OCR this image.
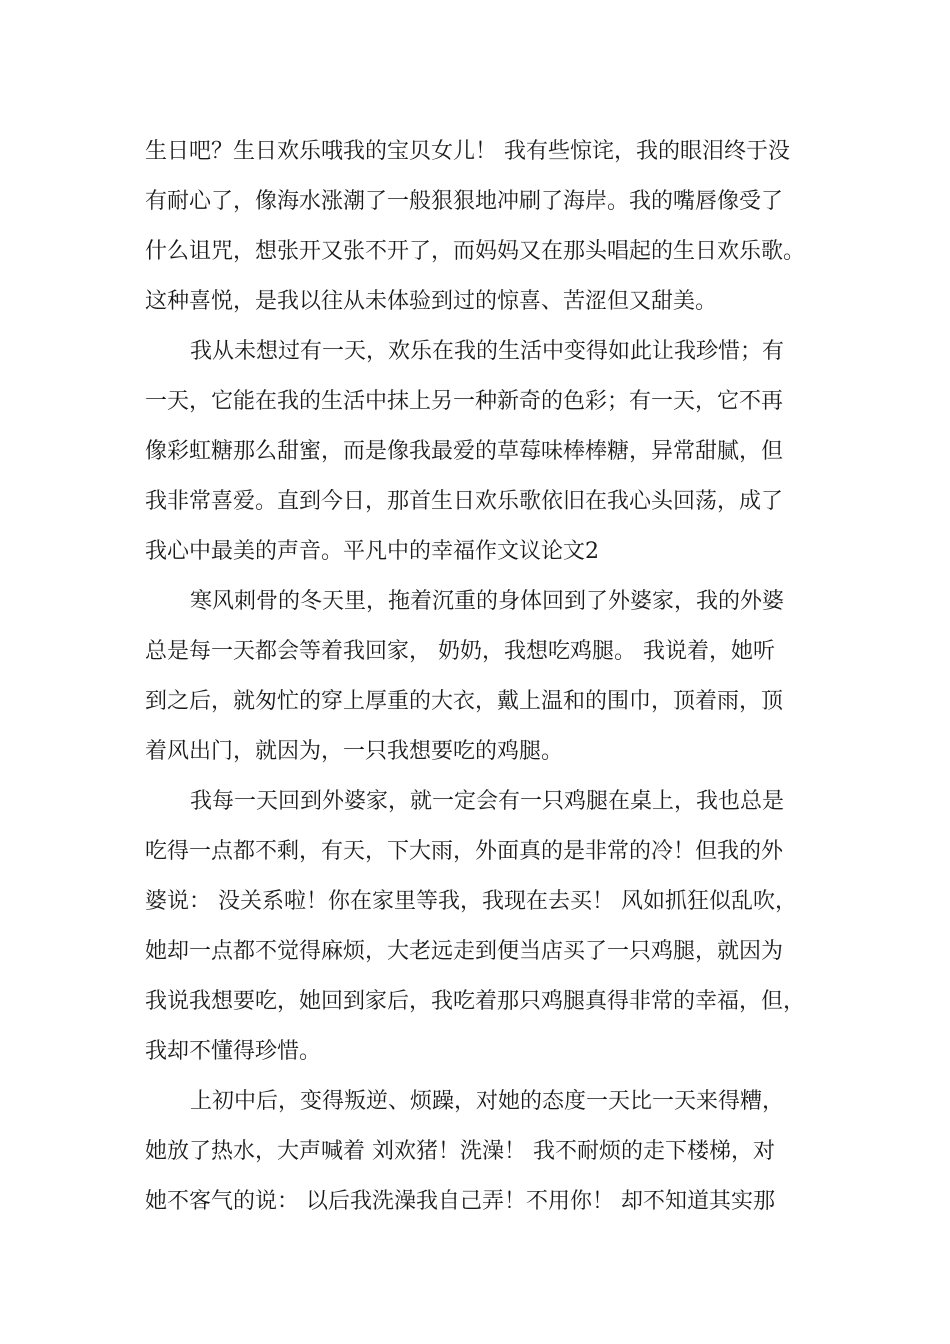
生日吧？生日欢乐哦我的宝贝女儿！ 我有些惊诧，我的眼泪终于没
有耐心了，像海水涨潮了一般狠狠地冲刷了海岸。我的嘴唇像受了
什么诅咒，想张开又张不开了，而妈妈又在那头唱起的生日欢乐歌。
这种喜悦，是我以往从未体验到过的惊喜、苦涩但又甜美。
我从未想过有一天，欢乐在我的生活中变得如此让我珍惜；有
一天，它能在我的生活中抹上另一种新奇的色彩；有一天，它不再
像彩虹糖那么甜蜜，而是像我最爱的草莓味棒棒糖，异常甜腻，但
我非常喜爱。直到今日，那首生日欢乐歌依旧在我心头回荡，成了
我心中最美的声音。平凡中的幸福作文议论文2
寒风刺骨的冬天里，拖着沉重的身体回到了外婆家，我的外婆
总是每一天都会等着我回家， 奶奶，我想吃鸡腿。 我说着，她听
到之后，就匆忙的穿上厚重的大衣，戴上温和的围巾，顶着雨，顶
着风出门，就因为，一只我想要吃的鸡腿。
我每一天回到外婆家，就一定会有一只鸡腿在桌上，我也总是
吃得一点都不剩，有天，下大雨，外面真的是非常的冷！但我的外
婆说： 没关系啦！你在家里等我，我现在去买！ 风如抓狂似乱吹，
她却一点都不觉得麻烦，大老远走到便当店买了一只鸡腿，就因为
我说我想要吃，她回到家后，我吃着那只鸡腿真得非常的幸福，但，
我却不懂得珍惜。
上初中后，变得叛逆、烦躁，对她的态度一天比一天来得糟，
她放了热水，大声喊着 刘欢猪！洗澡！ 我不耐烦的走下楼梯，对
她不客气的说： 以后我洗澡我自己弄！不用你！ 却不知道其实那
